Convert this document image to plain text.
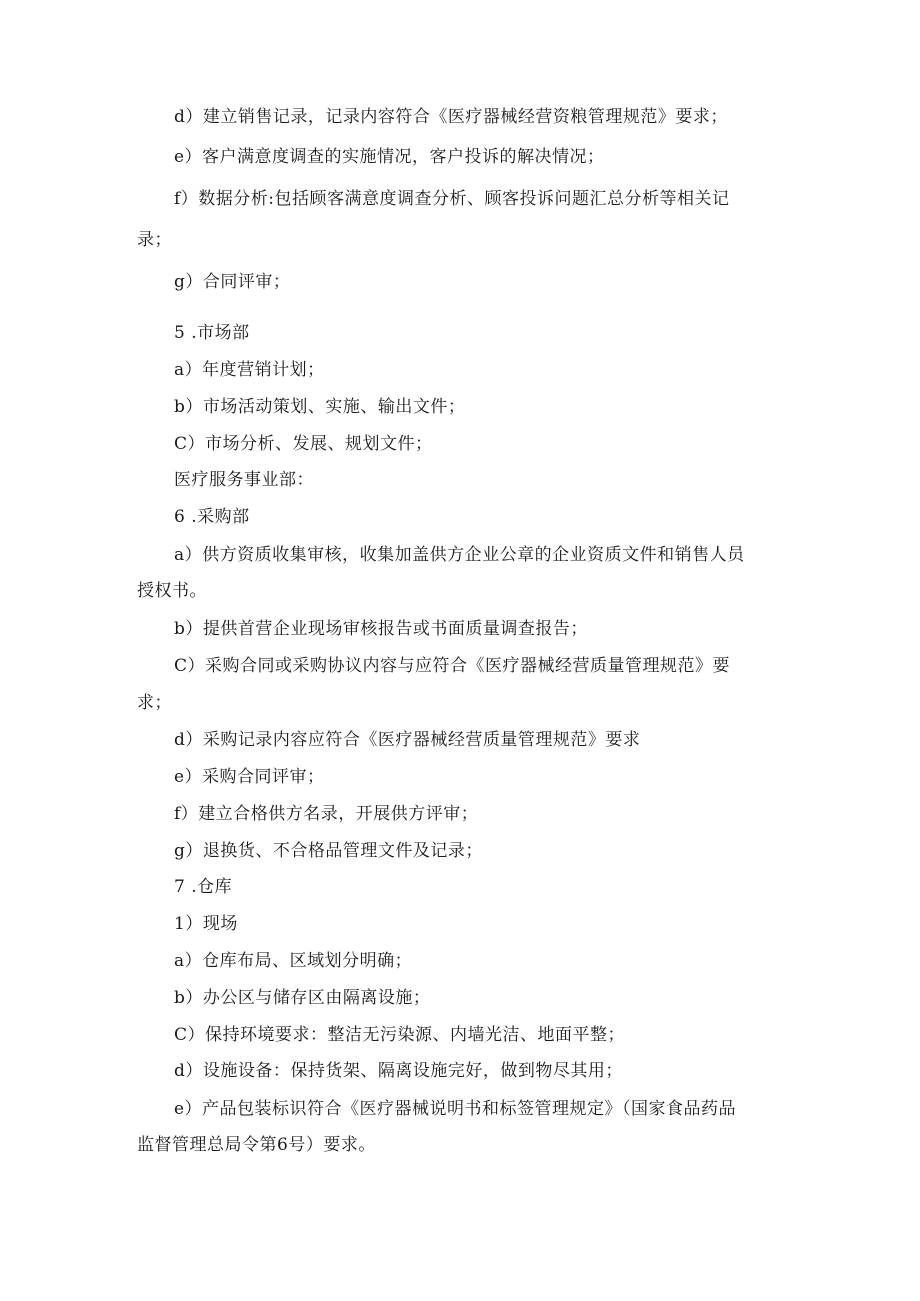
d）建立销售记录，记录内容符合《医疗器械经营资粮管理规范》要求；
e）客户满意度调查的实施情况，客户投诉的解决情况；
f）数据分析:包括顾客满意度调查分析、顾客投诉问题汇总分析等相关记
录；
g）合同评审；
5 .市场部
a）年度营销计划；
b）市场活动策划、实施、输出文件；
C）市场分析、发展、规划文件；
医疗服务事业部：
6 .采购部
a）供方资质收集审核，收集加盖供方企业公章的企业资质文件和销售人员
授权书。
b）提供首营企业现场审核报告或书面质量调查报告；
C）采购合同或采购协议内容与应符合《医疗器械经营质量管理规范》要
求；
d）采购记录内容应符合《医疗器械经营质量管理规范》要求
e）采购合同评审；
f）建立合格供方名录，开展供方评审；
g）退换货、不合格品管理文件及记录；
7 .仓库
1）现场
a）仓库布局、区域划分明确；
b）办公区与储存区由隔离设施；
C）保持环境要求：整洁无污染源、内墙光洁、地面平整；
d）设施设备：保持货架、隔离设施完好，做到物尽其用；
e）产品包装标识符合《医疗器械说明书和标签管理规定》（国家食品药品
监督管理总局令第6号）要求。
